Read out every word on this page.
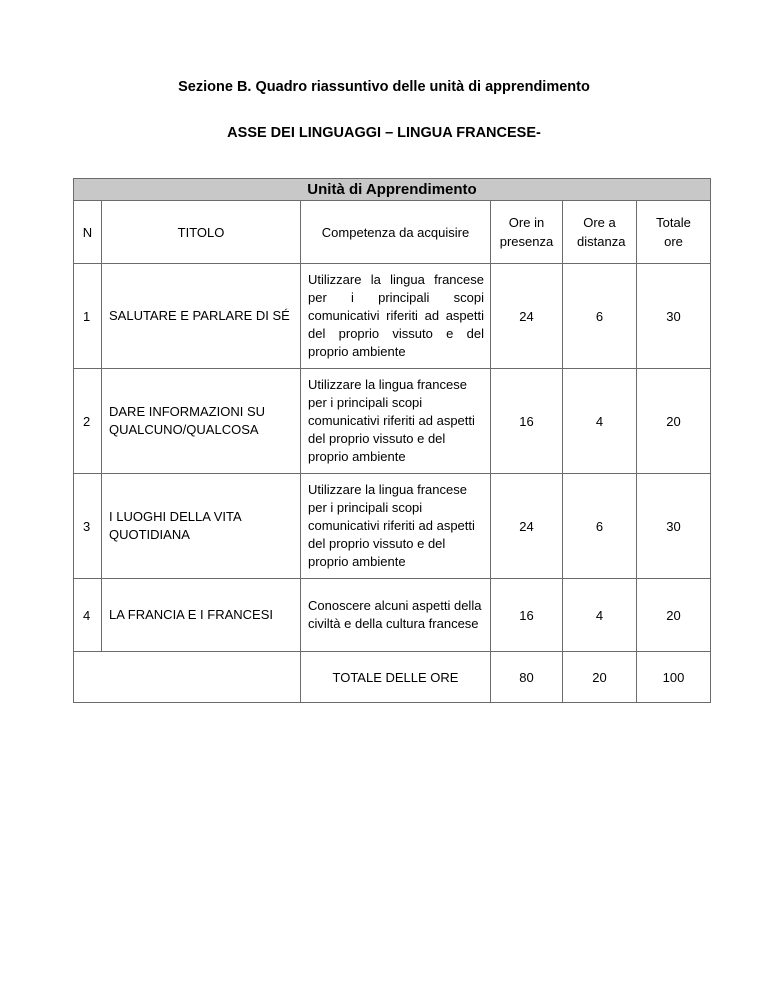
Sezione B. Quadro riassuntivo delle unità di apprendimento
ASSE DEI LINGUAGGI – LINGUA FRANCESE-
Unità di Apprendimento					
N	TITOLO	Competenza da acquisire	Ore in presenza	Ore a distanza	Totale ore
1	SALUTARE E PARLARE DI SÉ	Utilizzare la lingua francese per i principali scopi comunicativi riferiti ad aspetti del proprio vissuto e del proprio ambiente	24	6	30
2	DARE INFORMAZIONI SU QUALCUNO/QUALCOSA	Utilizzare la lingua francese per i principali scopi comunicativi riferiti ad aspetti del proprio vissuto e del proprio ambiente	16	4	20
3	I LUOGHI DELLA VITA QUOTIDIANA	Utilizzare la lingua francese per i principali scopi comunicativi riferiti ad aspetti del proprio vissuto e del proprio ambiente	24	6	30
4	LA FRANCIA E I FRANCESI	Conoscere alcuni aspetti della civiltà e della cultura francese	16	4	20
		TOTALE DELLE ORE	80	20	100
